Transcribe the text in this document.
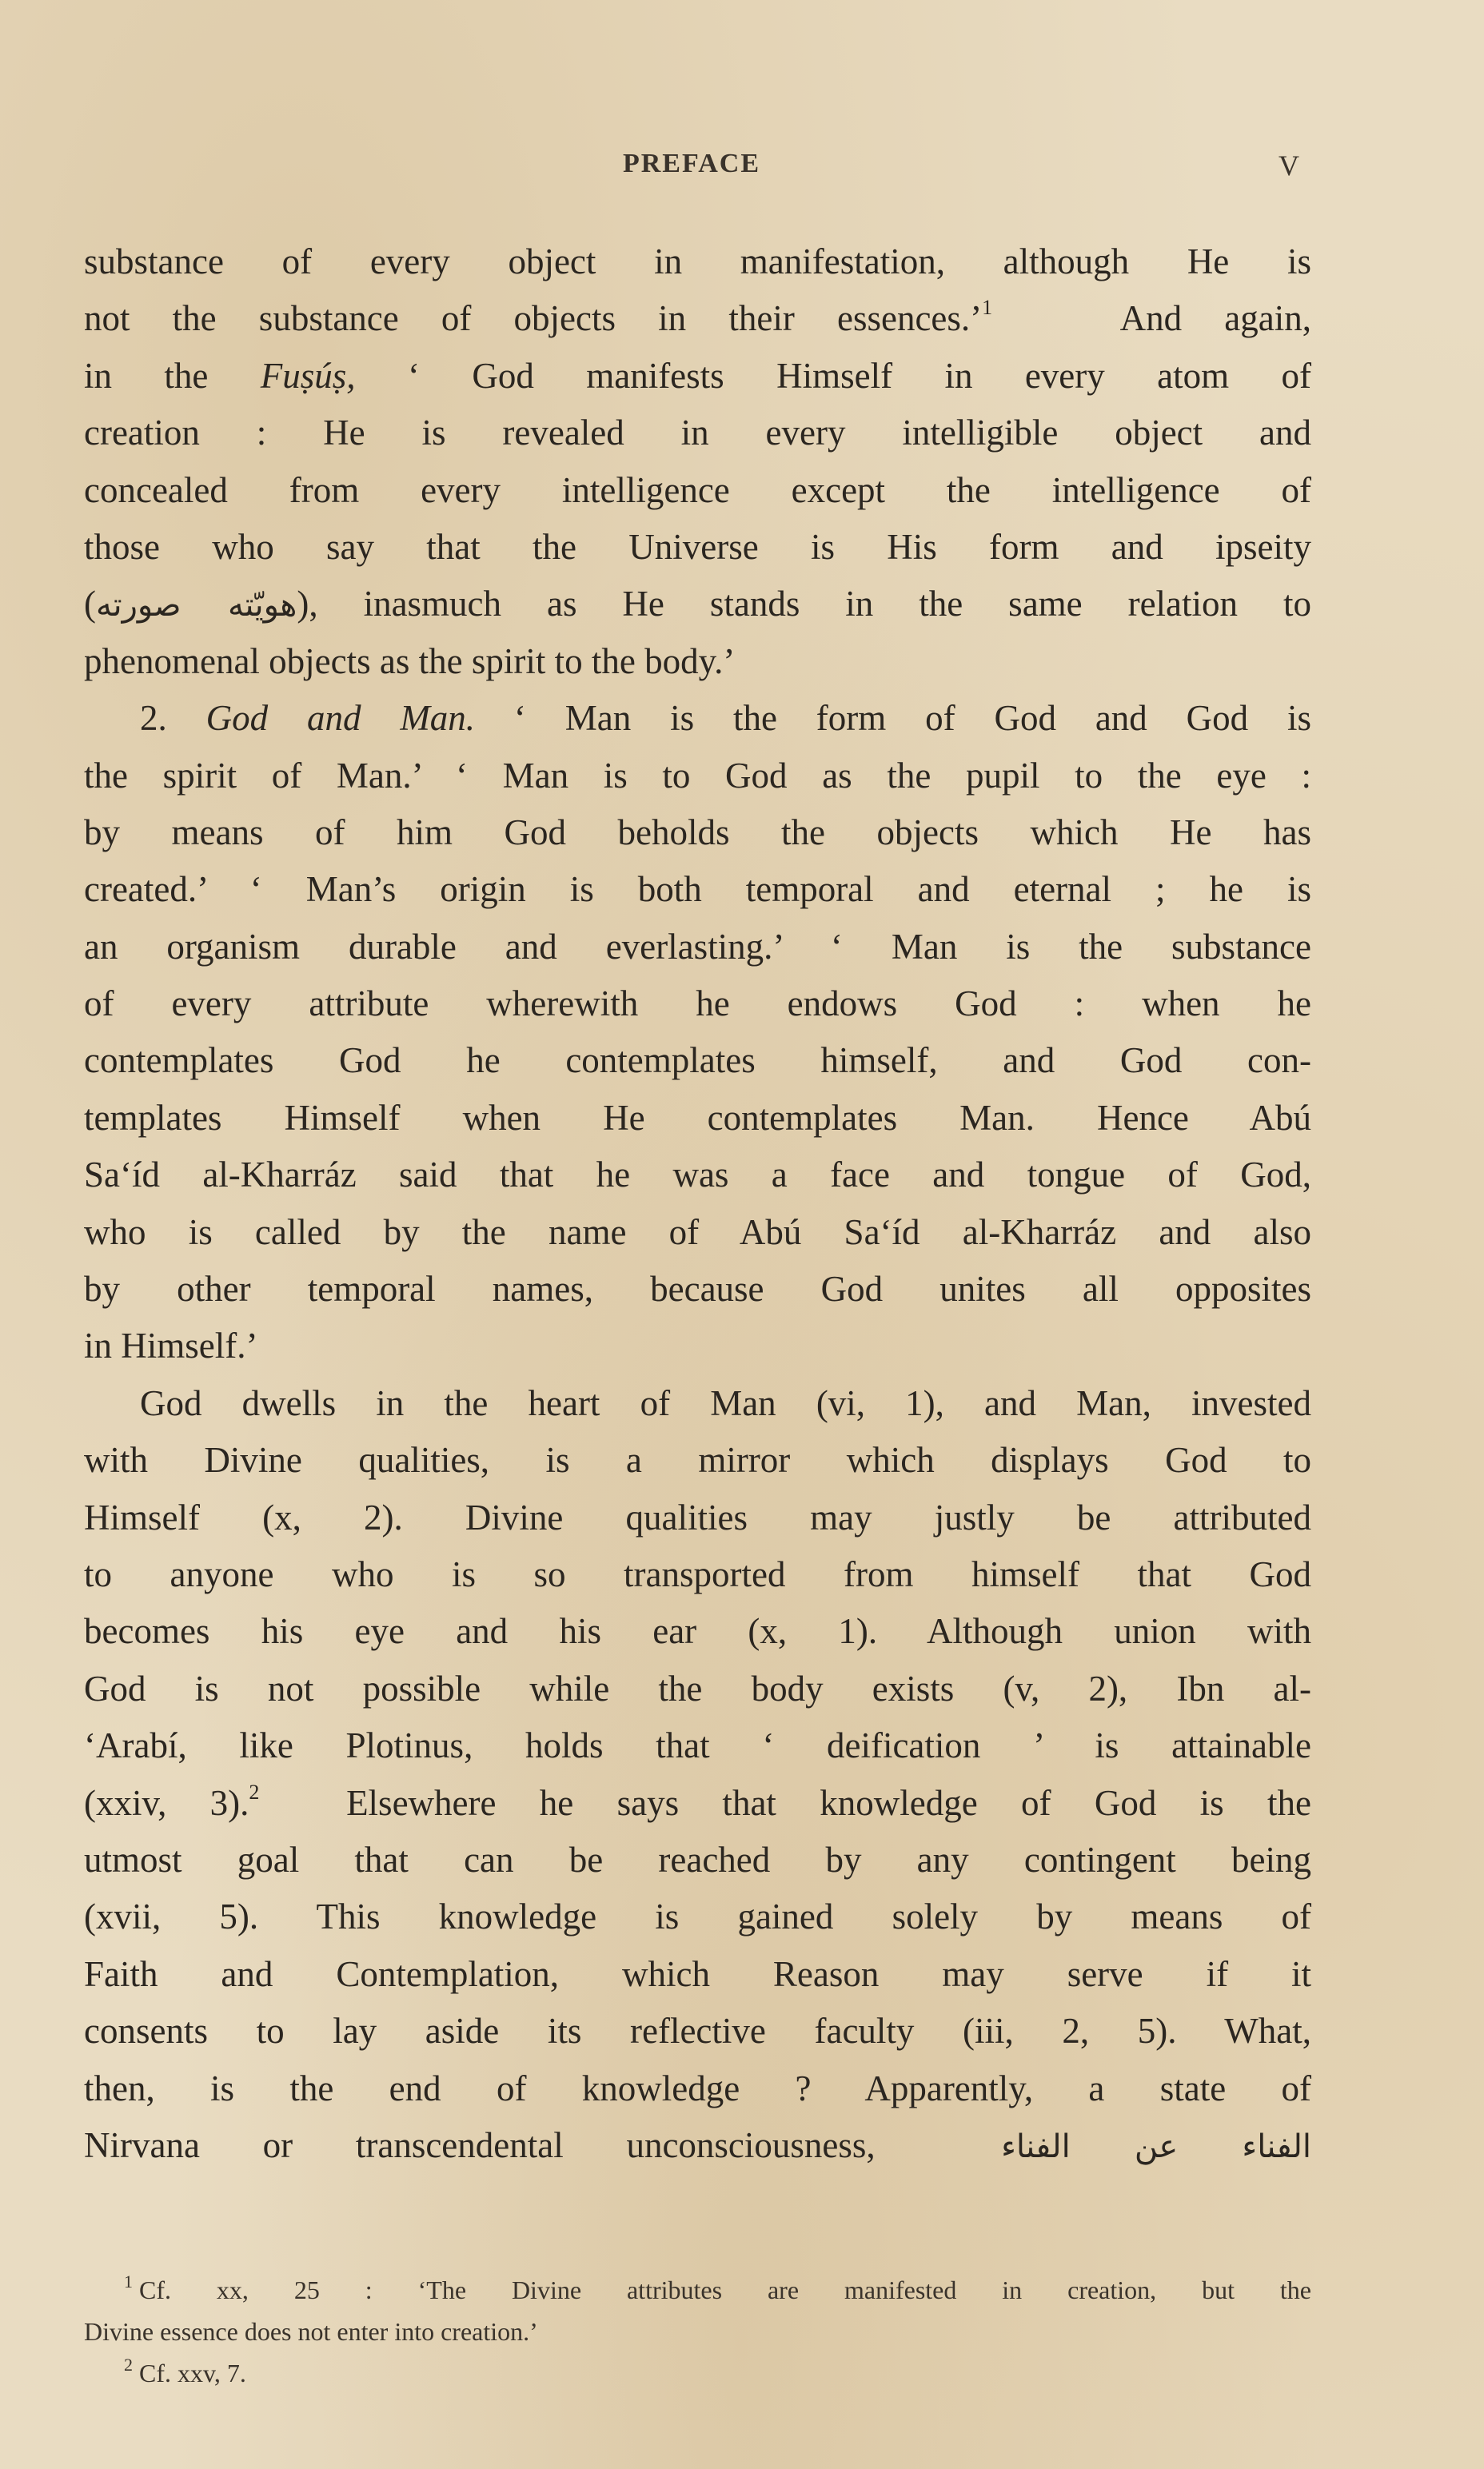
PREFACE	V
substance of every object in manifestation, although He is
not the substance of objects in their essences.’$^1$	And again,
in the Fuṣúṣ, ‘ God manifests Himself in every atom of
creation : He is revealed in every intelligible object and
concealed from every intelligence except the intelligence of
those who say that the Universe is His form and ipseity
(هويّته صورته), inasmuch as He stands in the same relation to
phenomenal objects as the spirit to the body.’
2. God and Man. ‘ Man is the form of God and God is
the spirit of Man.’ ‘ Man is to God as the pupil to the eye :
by means of him God beholds the objects which He has
created.’ ‘ Man’s origin is both temporal and eternal ; he is
an organism durable and everlasting.’ ‘ Man is the substance
of every attribute wherewith he endows God : when he
contemplates God he contemplates himself, and God con-
templates Himself when He contemplates Man. Hence Abú
Sa‘íd al-Kharráz said that he was a face and tongue of God,
who is called by the name of Abú Sa‘íd al-Kharráz and also
by other temporal names, because God unites all opposites
in Himself.’
God dwells in the heart of Man (vi, 1), and Man, invested
with Divine qualities, is a mirror which displays God to
Himself (x, 2). Divine qualities may justly be attributed
to anyone who is so transported from himself that God
becomes his eye and his ear (x, 1). Although union with
God is not possible while the body exists (v, 2), Ibn al-
‘Arabí, like Plotinus, holds that ‘ deification ’ is attainable
(xxiv, 3).$^2$ Elsewhere he says that knowledge of God is the
utmost goal that can be reached by any contingent being
(xvii, 5). This knowledge is gained solely by means of
Faith and Contemplation, which Reason may serve if it
consents to lay aside its reflective faculty (iii, 2, 5). What,
then, is the end of knowledge ? Apparently, a state of
Nirvana or transcendental unconsciousness,	الفناء عن الفناء
$^1$ Cf. xx, 25 : ‘The Divine attributes are manifested in creation, but the
Divine essence does not enter into creation.’
$^2$ Cf. xxv, 7.
